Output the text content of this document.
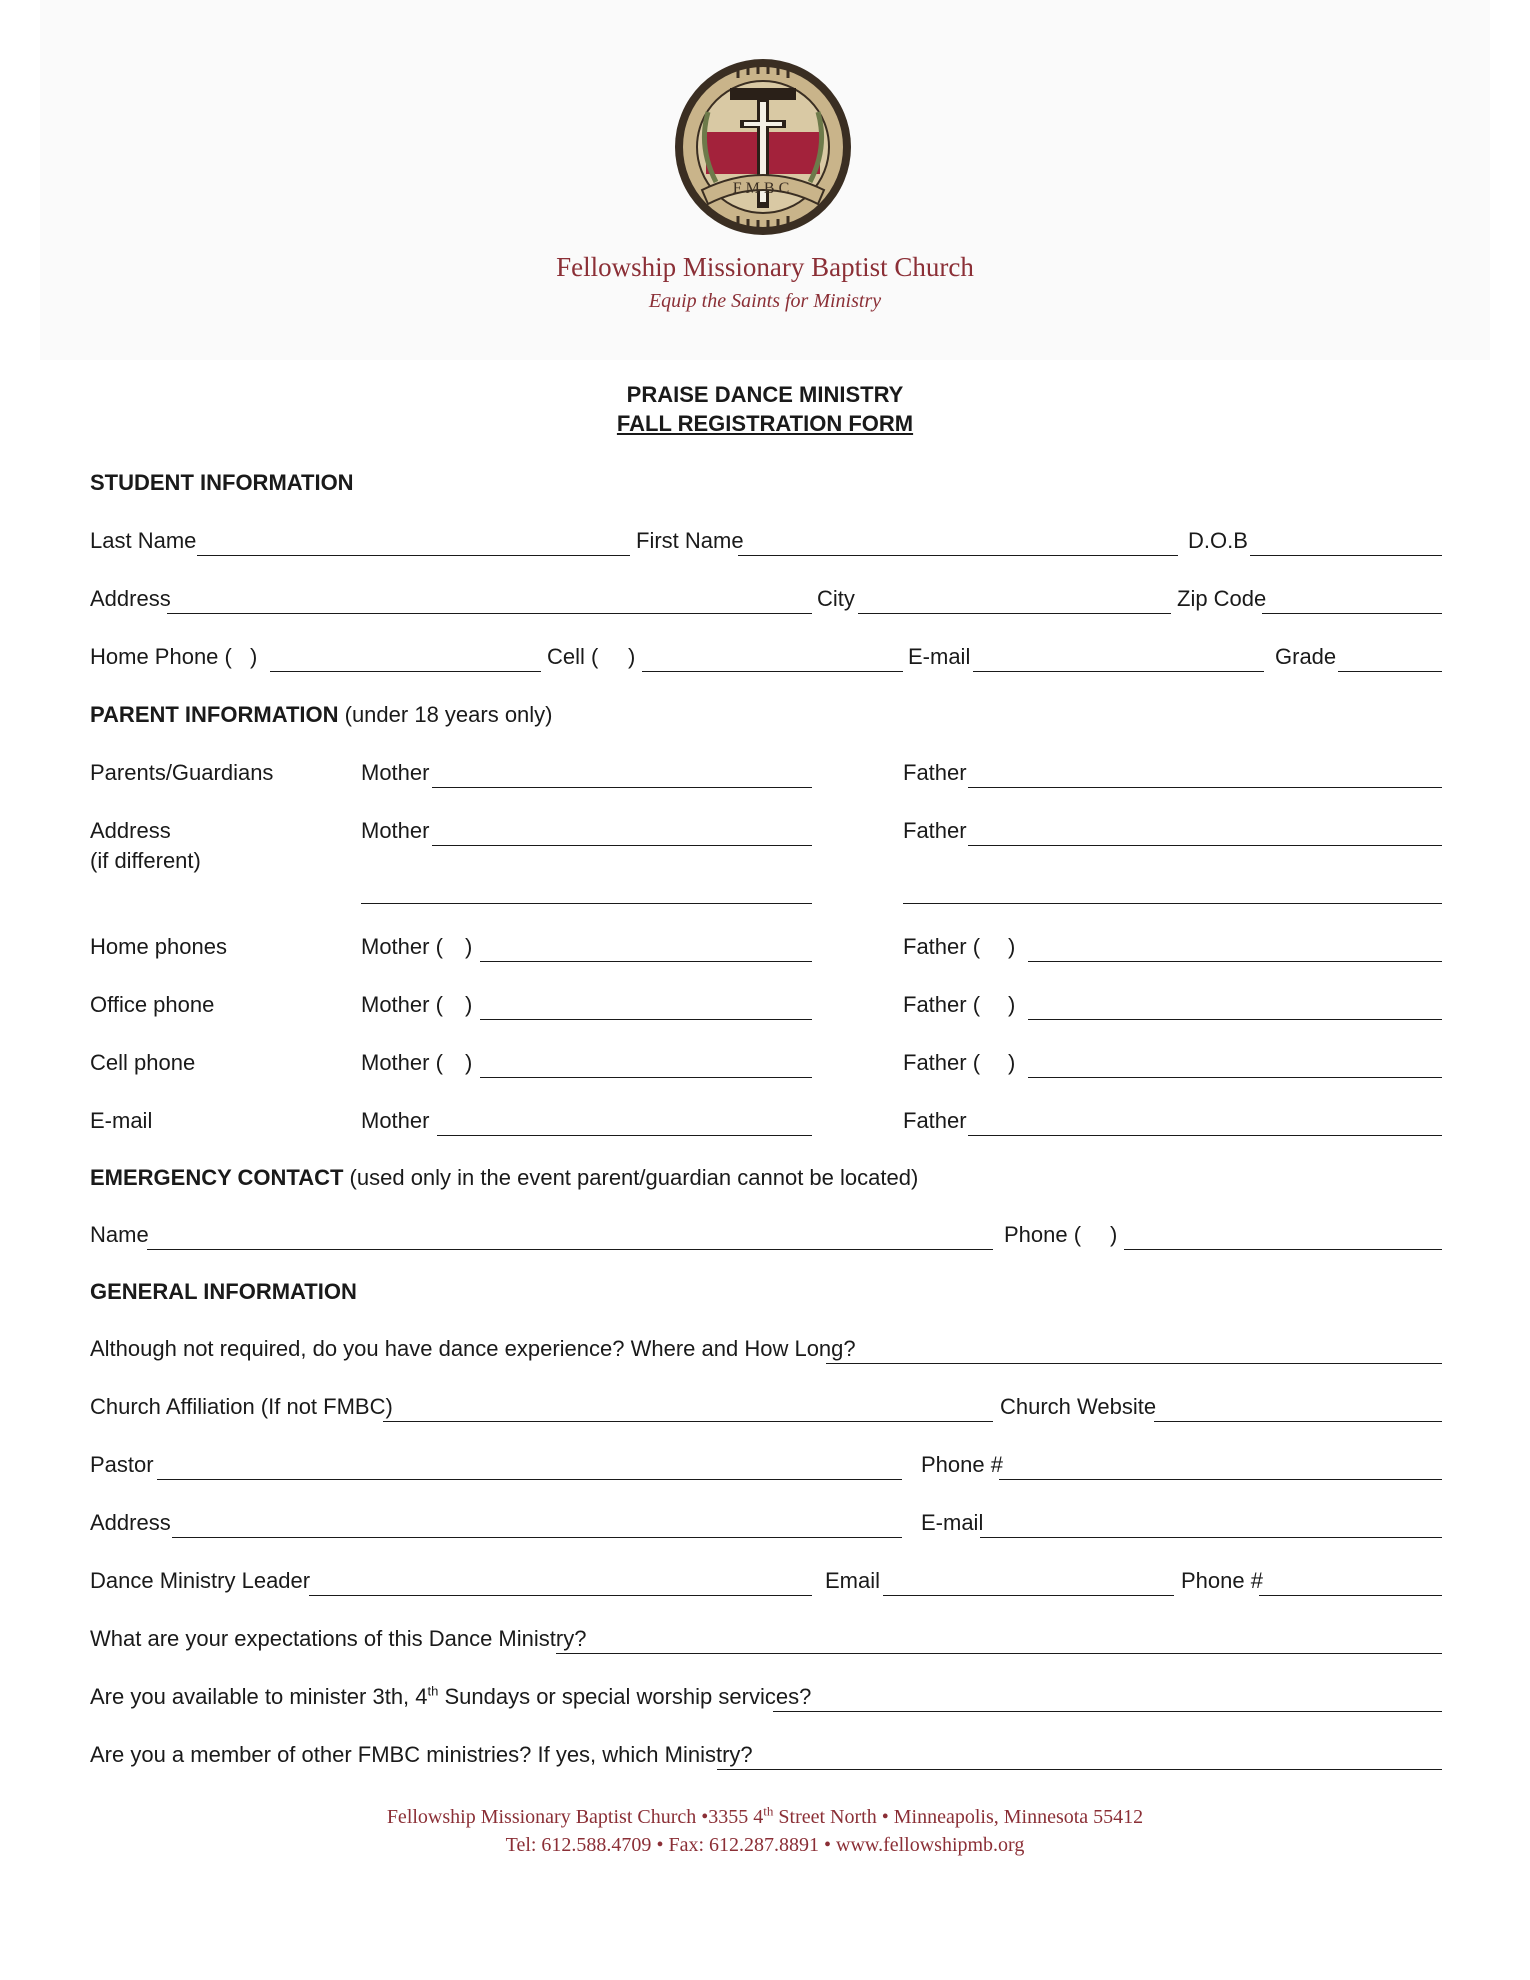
FMBC
Fellowship Missionary Baptist Church
Equip the Saints for Ministry
PRAISE DANCE MINISTRY
FALL REGISTRATION FORM
STUDENT INFORMATION
Last Name	First Name	D.O.B
Address	City	Zip Code
Home Phone ( )	Cell ( )	E-mail	Grade
PARENT INFORMATION (under 18 years only)
Parents/Guardians	Mother	Father
Address
(if different)
Mother	Father
Home phones	Mother ( )	Father ( )
Office phone	Mother ( )	Father ( )
Cell phone	Mother ( )	Father ( )
E-mail	Mother	Father
EMERGENCY CONTACT (used only in the event parent/guardian cannot be located)
Name	Phone ( )
GENERAL INFORMATION
Although not required, do you have dance experience? Where and How Long?
Church Affiliation (If not FMBC)	Church Website
Pastor	Phone #
Address	E-mail
Dance Ministry Leader	Email	Phone #
What are your expectations of this Dance Ministry?
Are you available to minister 3th, 4th Sundays or special worship services?
Are you a member of other FMBC ministries? If yes, which Ministry?
Fellowship Missionary Baptist Church •3355 4th Street North • Minneapolis, Minnesota 55412
Tel: 612.588.4709 • Fax: 612.287.8891 • www.fellowshipmb.org
